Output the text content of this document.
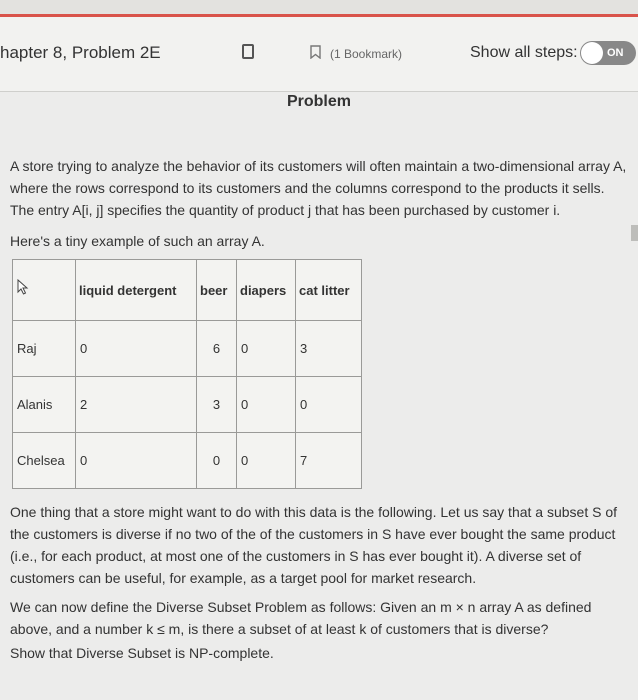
hapter 8, Problem 2E	(1 Bookmark)	Show all steps:	ON
Problem

A store trying to analyze the behavior of its customers will often maintain a two-dimensional array A, where the rows correspond to its customers and the columns correspond to the products it sells. The entry A[i, j] specifies the quantity of product j that has been purchased by customer i.

Here's a tiny example of such an array A.

	liquid detergent	beer	diapers	cat litter
Raj	0	6	0	3
Alanis	2	3	0	0
Chelsea	0	0	0	7

One thing that a store might want to do with this data is the following. Let us say that a subset S of the customers is diverse if no two of the of the customers in S have ever bought the same product (i.e., for each product, at most one of the customers in S has ever bought it). A diverse set of customers can be useful, for example, as a target pool for market research.

We can now define the Diverse Subset Problem as follows: Given an m × n array A as defined above, and a number k ≤ m, is there a subset of at least k of customers that is diverse?

Show that Diverse Subset is NP-complete.
